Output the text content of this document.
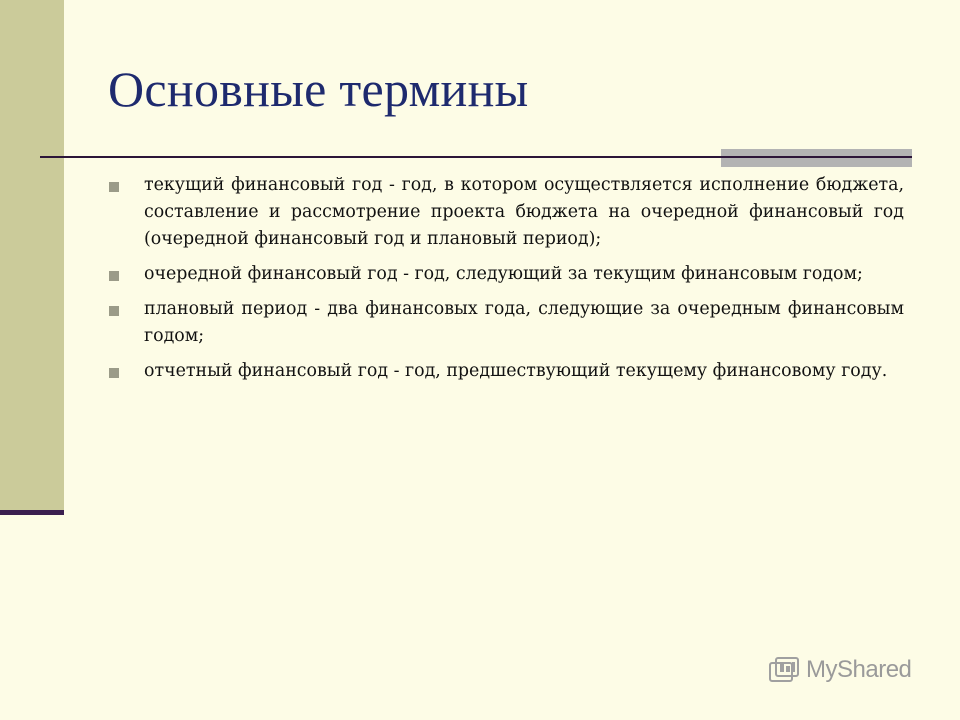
Основные термины
текущий финансовый год - год, в котором осуществляется исполнение бюджета, составление и рассмотрение проекта бюджета на очередной финансовый год (очередной финансовый год и плановый период);
очередной финансовый год - год, следующий за текущим финансовым годом;
плановый период - два финансовых года, следующие за очередным финансовым годом;
отчетный финансовый год - год, предшествующий текущему финансовому году.
MyShared
